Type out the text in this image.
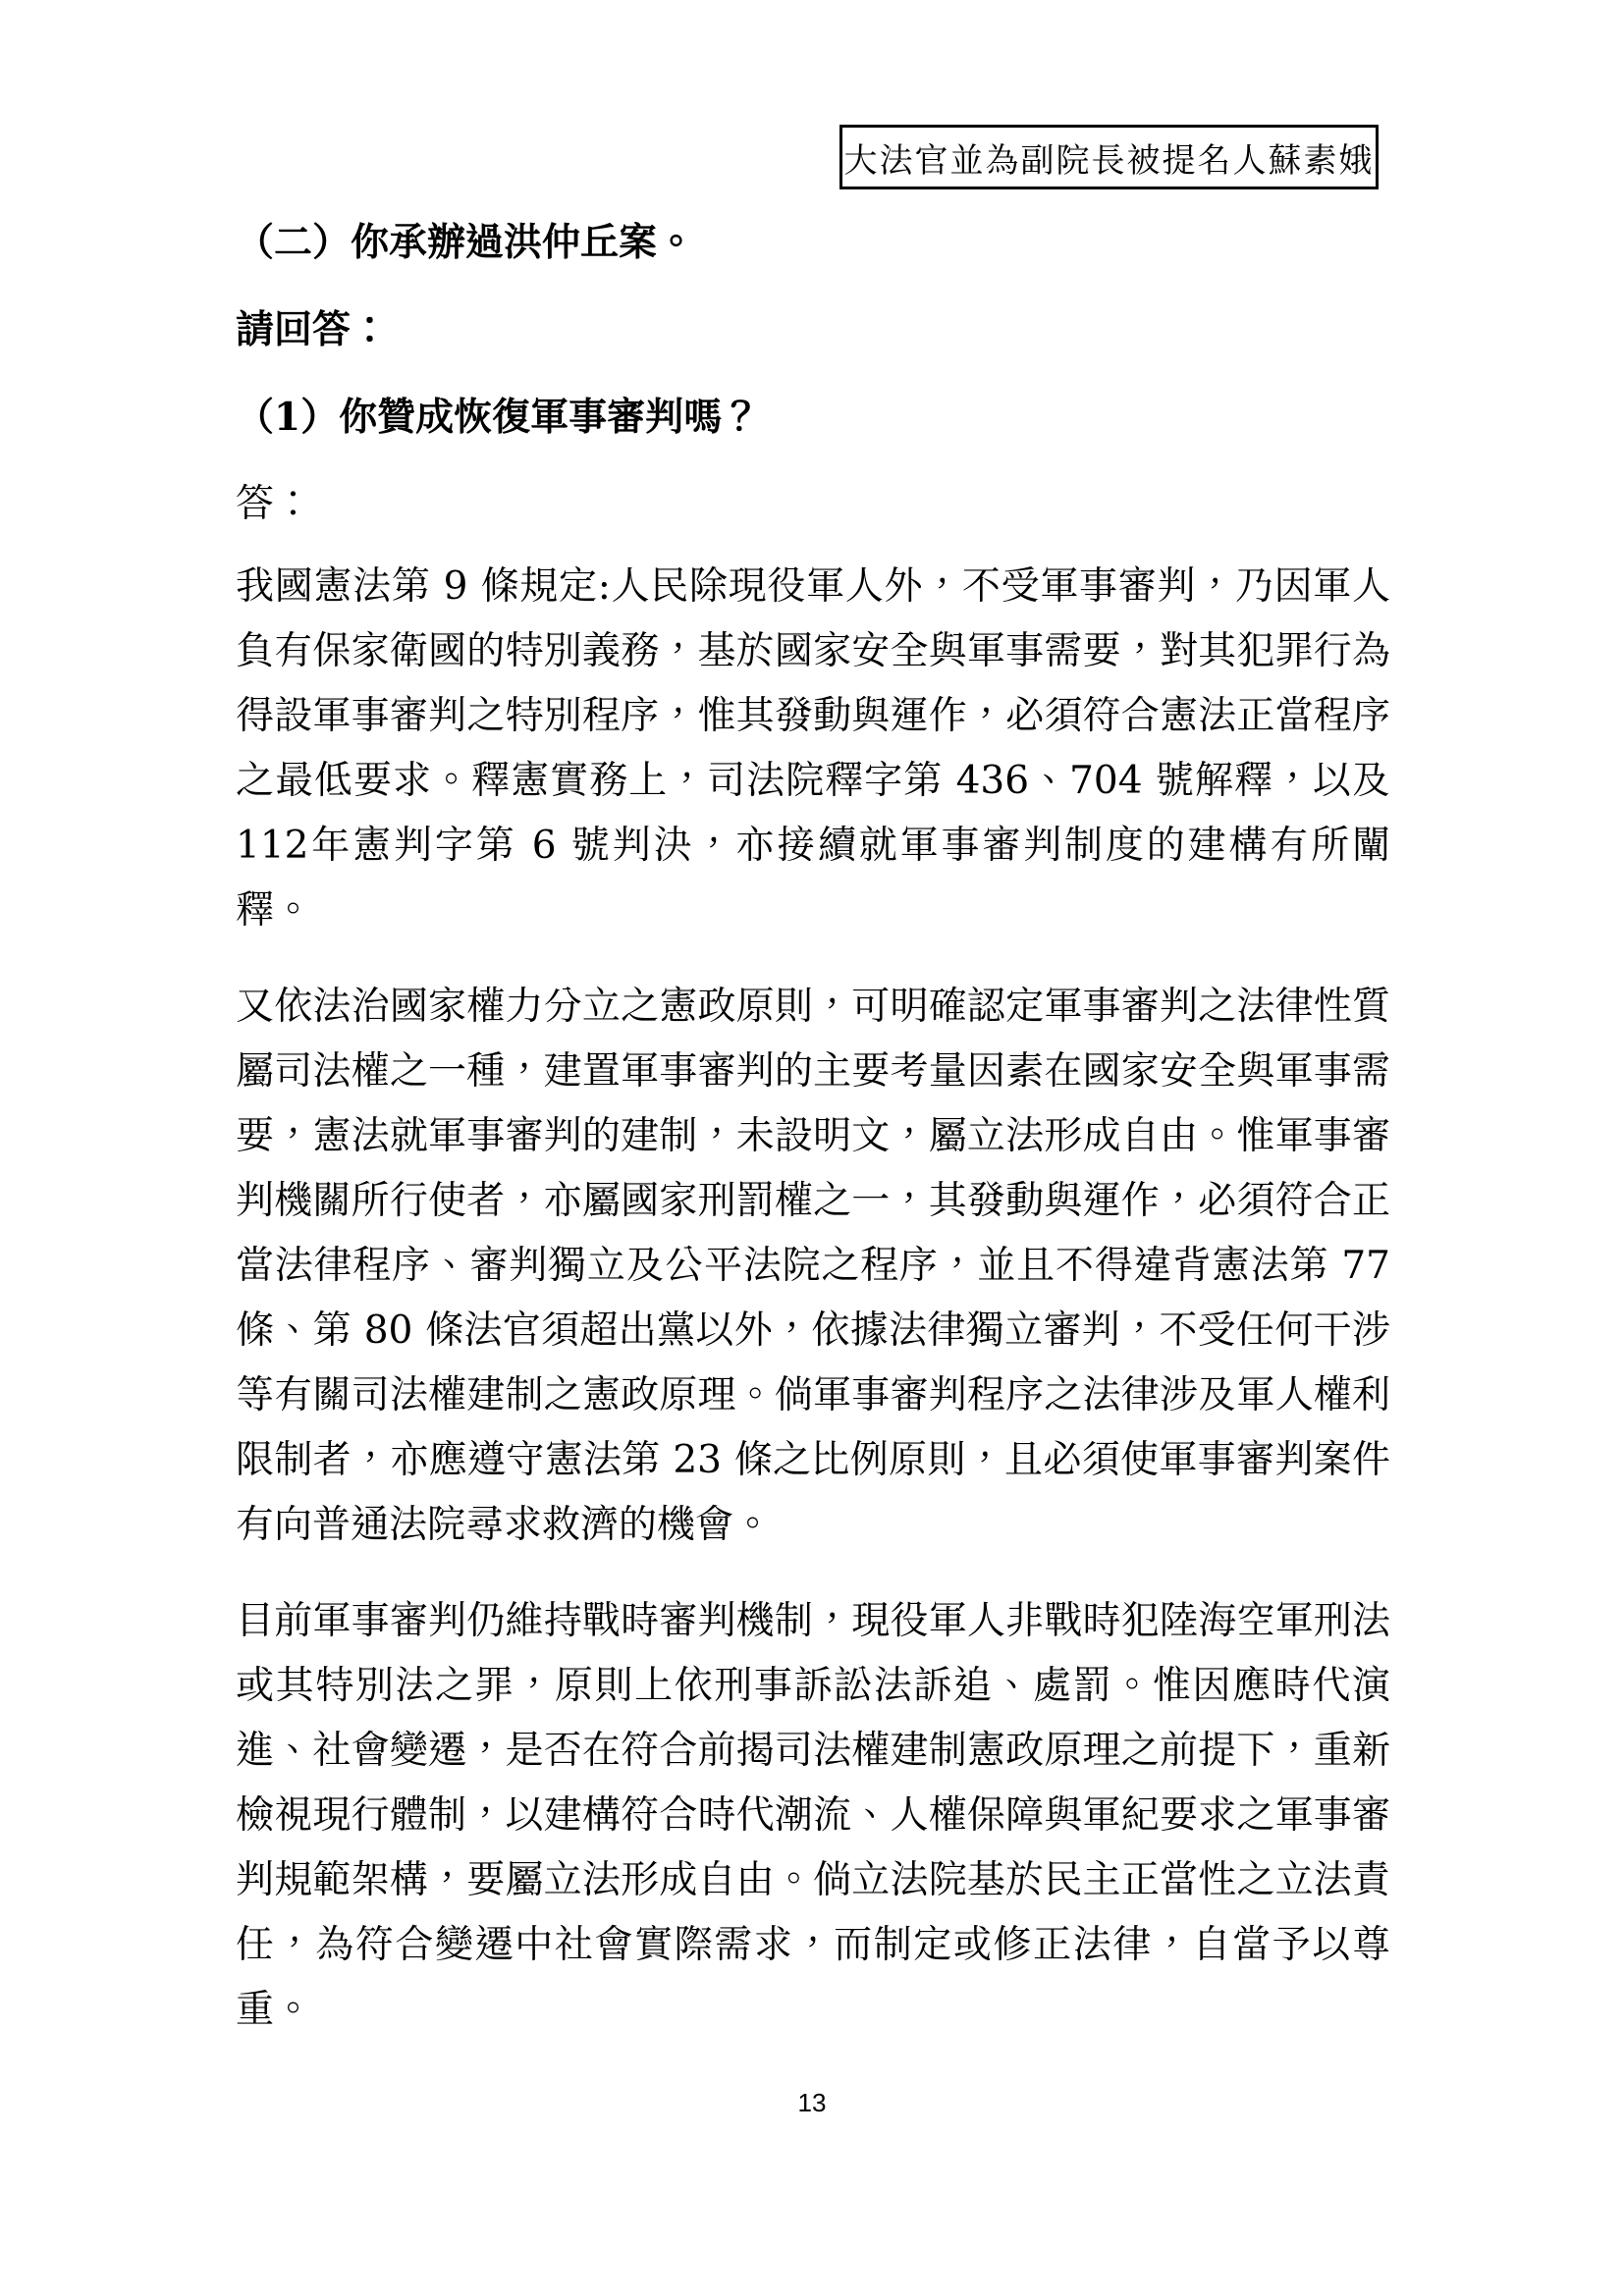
大法官並為副院長被提名人蘇素娥
（二）你承辦過洪仲丘案。
請回答：
（1）你贊成恢復軍事審判嗎？
答：
我國憲法第 9 條規定:人民除現役軍人外，不受軍事審判，乃因軍人負有保家衛國的特別義務，基於國家安全與軍事需要，對其犯罪行為得設軍事審判之特別程序，惟其發動與運作，必須符合憲法正當程序之最低要求。釋憲實務上，司法院釋字第 436、704 號解釋，以及 112年憲判字第 6 號判決，亦接續就軍事審判制度的建構有所闡釋。
又依法治國家權力分立之憲政原則，可明確認定軍事審判之法律性質屬司法權之一種，建置軍事審判的主要考量因素在國家安全與軍事需要，憲法就軍事審判的建制，未設明文，屬立法形成自由。惟軍事審判機關所行使者，亦屬國家刑罰權之一，其發動與運作，必須符合正當法律程序、審判獨立及公平法院之程序，並且不得違背憲法第 77 條、第 80 條法官須超出黨以外，依據法律獨立審判，不受任何干涉等有關司法權建制之憲政原理。倘軍事審判程序之法律涉及軍人權利限制者，亦應遵守憲法第 23 條之比例原則，且必須使軍事審判案件有向普通法院尋求救濟的機會。
目前軍事審判仍維持戰時審判機制，現役軍人非戰時犯陸海空軍刑法或其特別法之罪，原則上依刑事訴訟法訴追、處罰。惟因應時代演進、社會變遷，是否在符合前揭司法權建制憲政原理之前提下，重新檢視現行體制，以建構符合時代潮流、人權保障與軍紀要求之軍事審判規範架構，要屬立法形成自由。倘立法院基於民主正當性之立法責任，為符合變遷中社會實際需求，而制定或修正法律，自當予以尊重。
13
